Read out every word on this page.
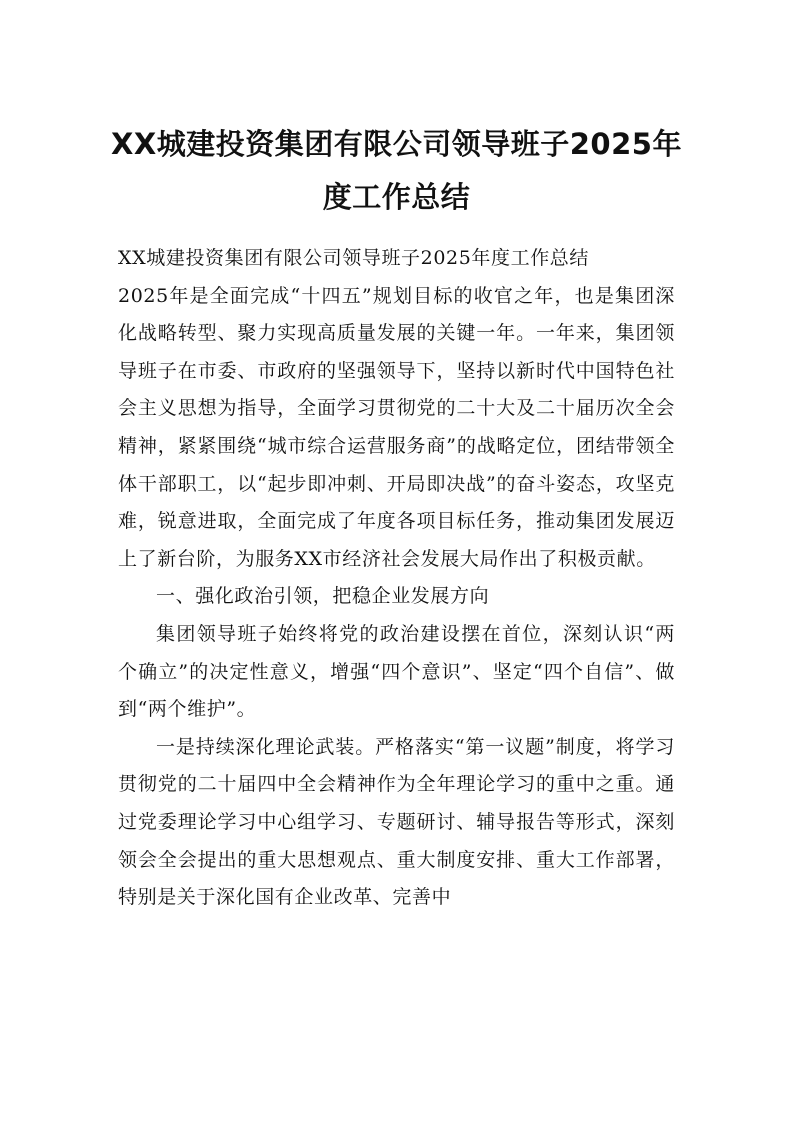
XX城建投资集团有限公司领导班子2025年度工作总结

XX城建投资集团有限公司领导班子2025年度工作总结

2025年是全面完成“十四五”规划目标的收官之年，也是集团深化战略转型、聚力实现高质量发展的关键一年。一年来，集团领导班子在市委、市政府的坚强领导下，坚持以新时代中国特色社会主义思想为指导，全面学习贯彻党的二十大及二十届历次全会精神，紧紧围绕“城市综合运营服务商”的战略定位，团结带领全体干部职工，以“起步即冲刺、开局即决战”的奋斗姿态，攻坚克难，锐意进取，全面完成了年度各项目标任务，推动集团发展迈上了新台阶，为服务XX市经济社会发展大局作出了积极贡献。

一、强化政治引领，把稳企业发展方向

集团领导班子始终将党的政治建设摆在首位，深刻认识“两个确立”的决定性意义，增强“四个意识”、坚定“四个自信”、做到“两个维护”。

一是持续深化理论武装。严格落实“第一议题”制度，将学习贯彻党的二十届四中全会精神作为全年理论学习的重中之重。通过党委理论学习中心组学习、专题研讨、辅导报告等形式，深刻领会全会提出的重大思想观点、重大制度安排、重大工作部署，特别是关于深化国有企业改革、完善中
